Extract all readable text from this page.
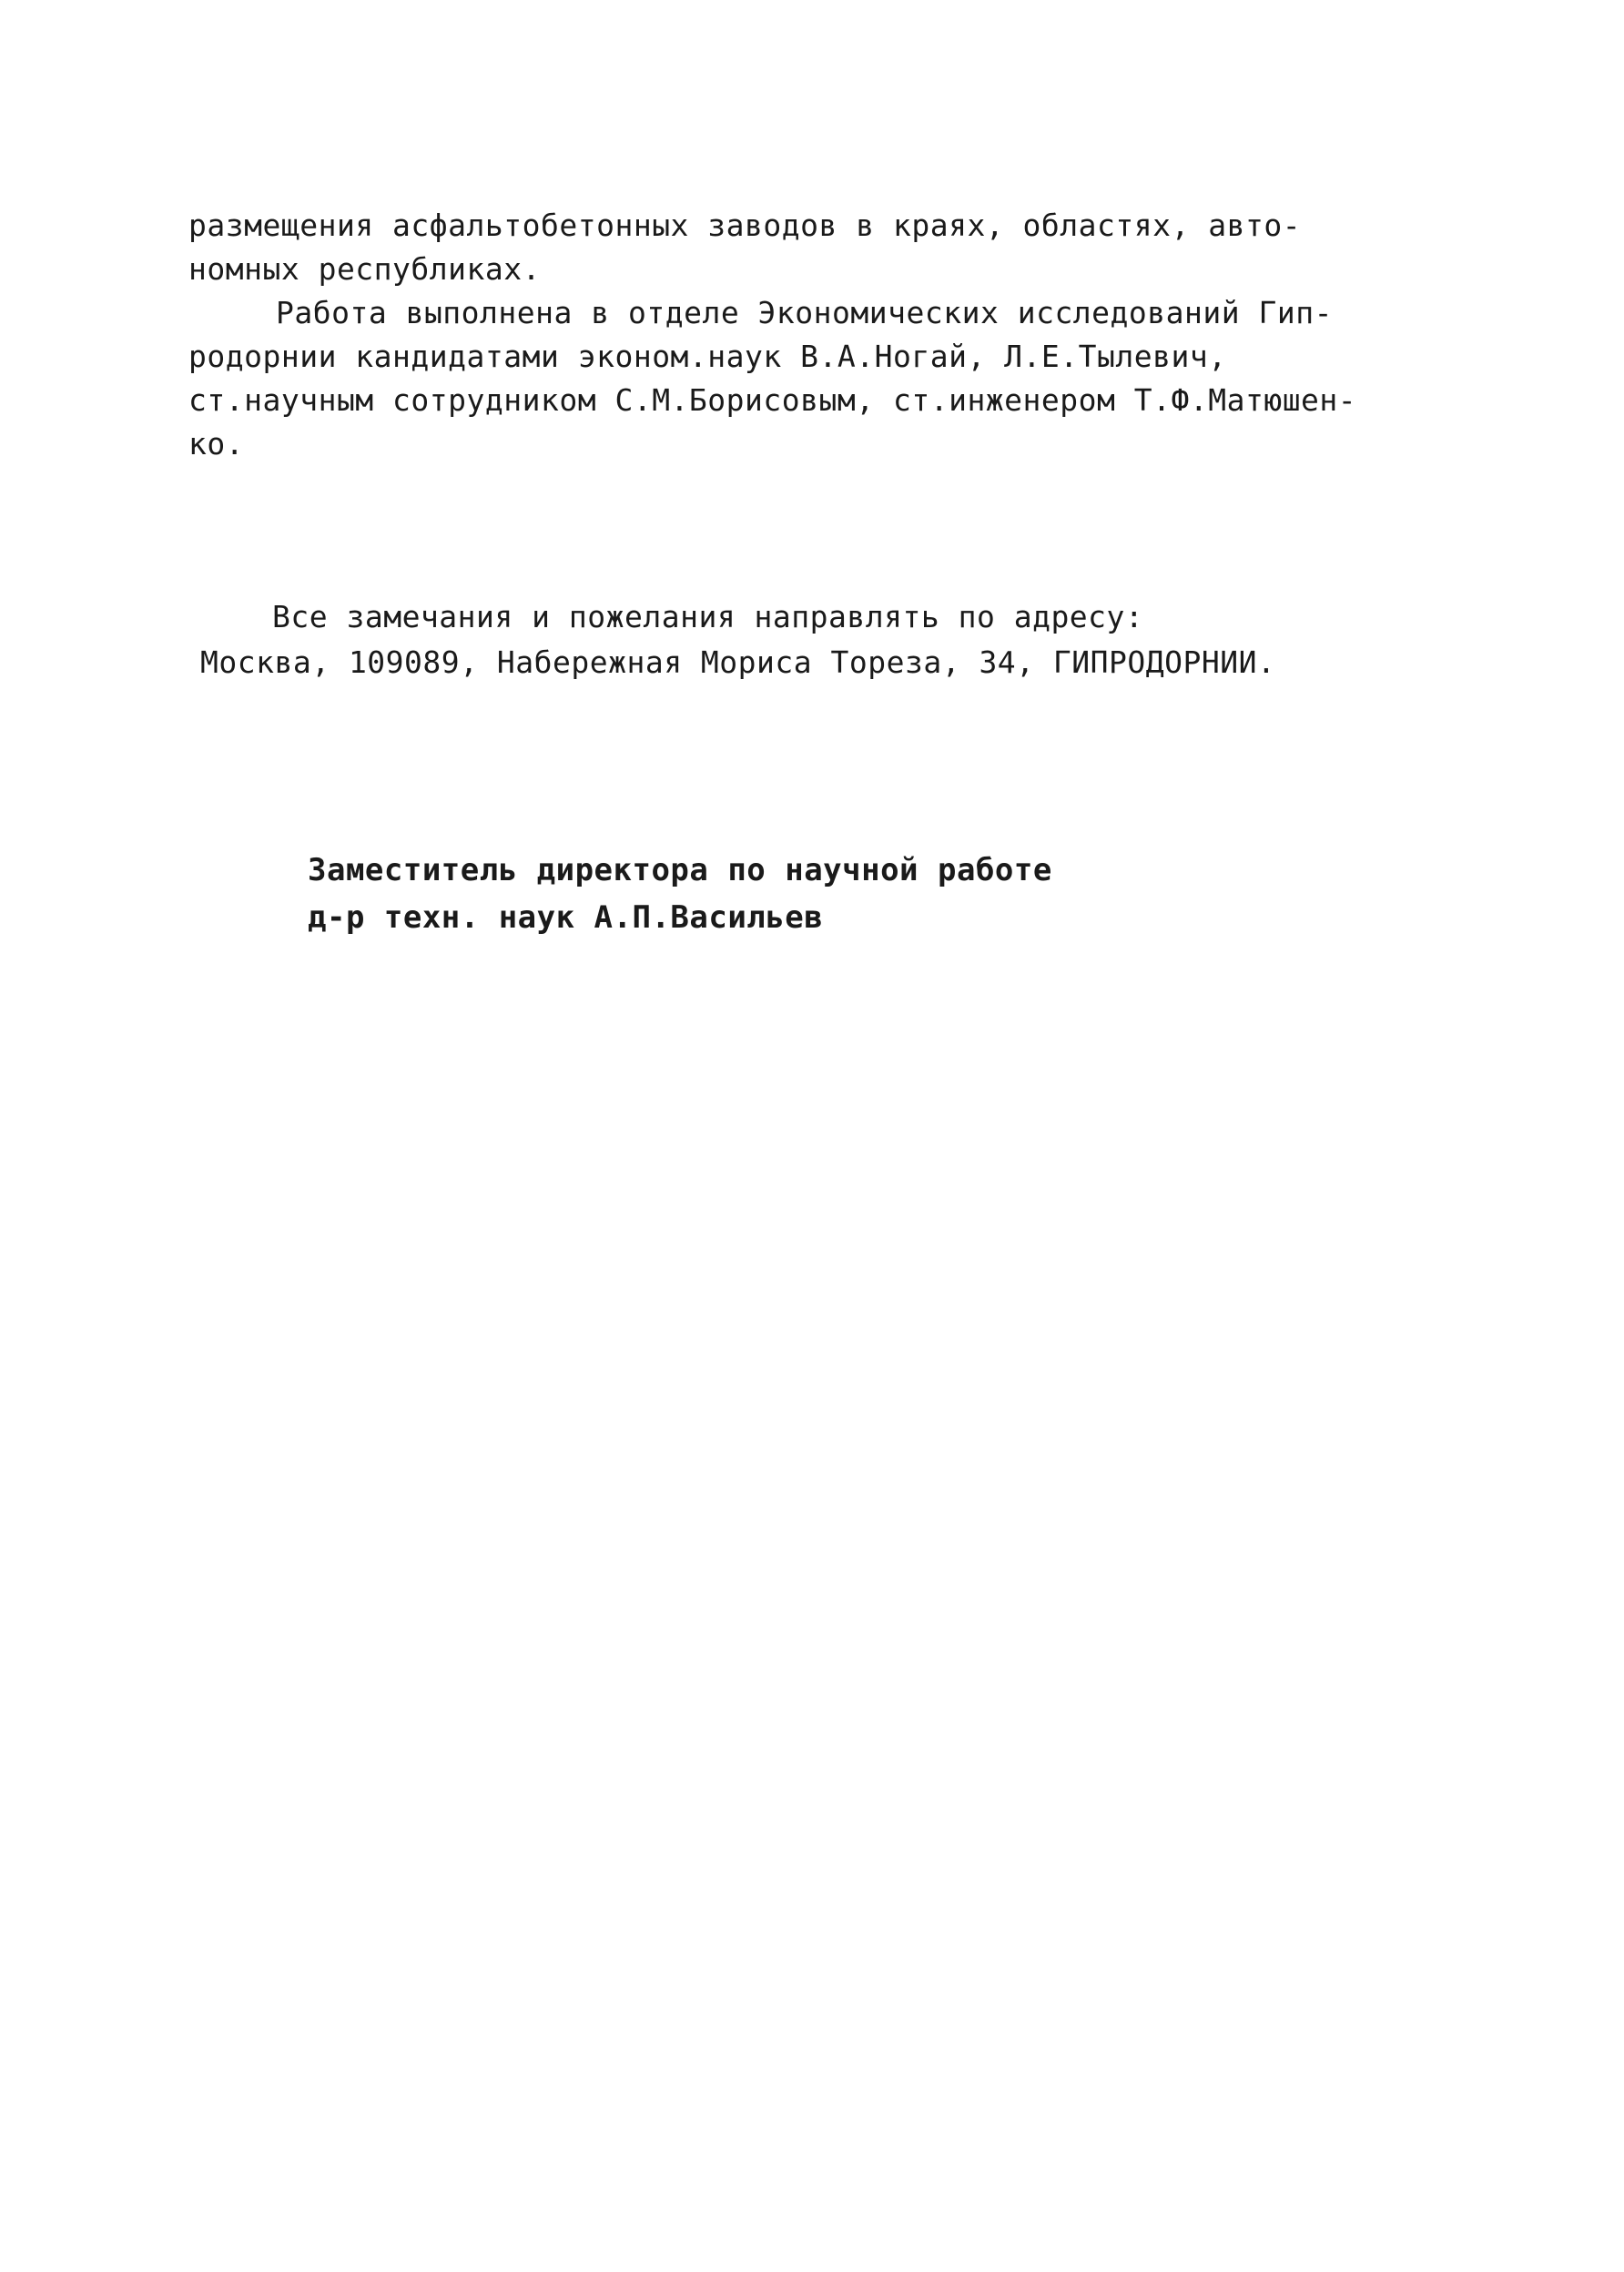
размещения асфальтобетонных заводов в краях, областях, авто-
номных республиках.
Работа выполнена в отделе Экономических исследований Гип-
родорнии кандидатами эконом.наук В.А.Ногай, Л.Е.Тылевич,
ст.научным сотрудником С.М.Борисовым, ст.инженером Т.Ф.Матюшен-
ко.
Все замечания и пожелания направлять по адресу:
Москва, 109089, Набережная Мориса Тореза, 34, ГИПРОДОРНИИ.
Заместитель директора по научной работе
д-р техн. наук А.П.Васильев
